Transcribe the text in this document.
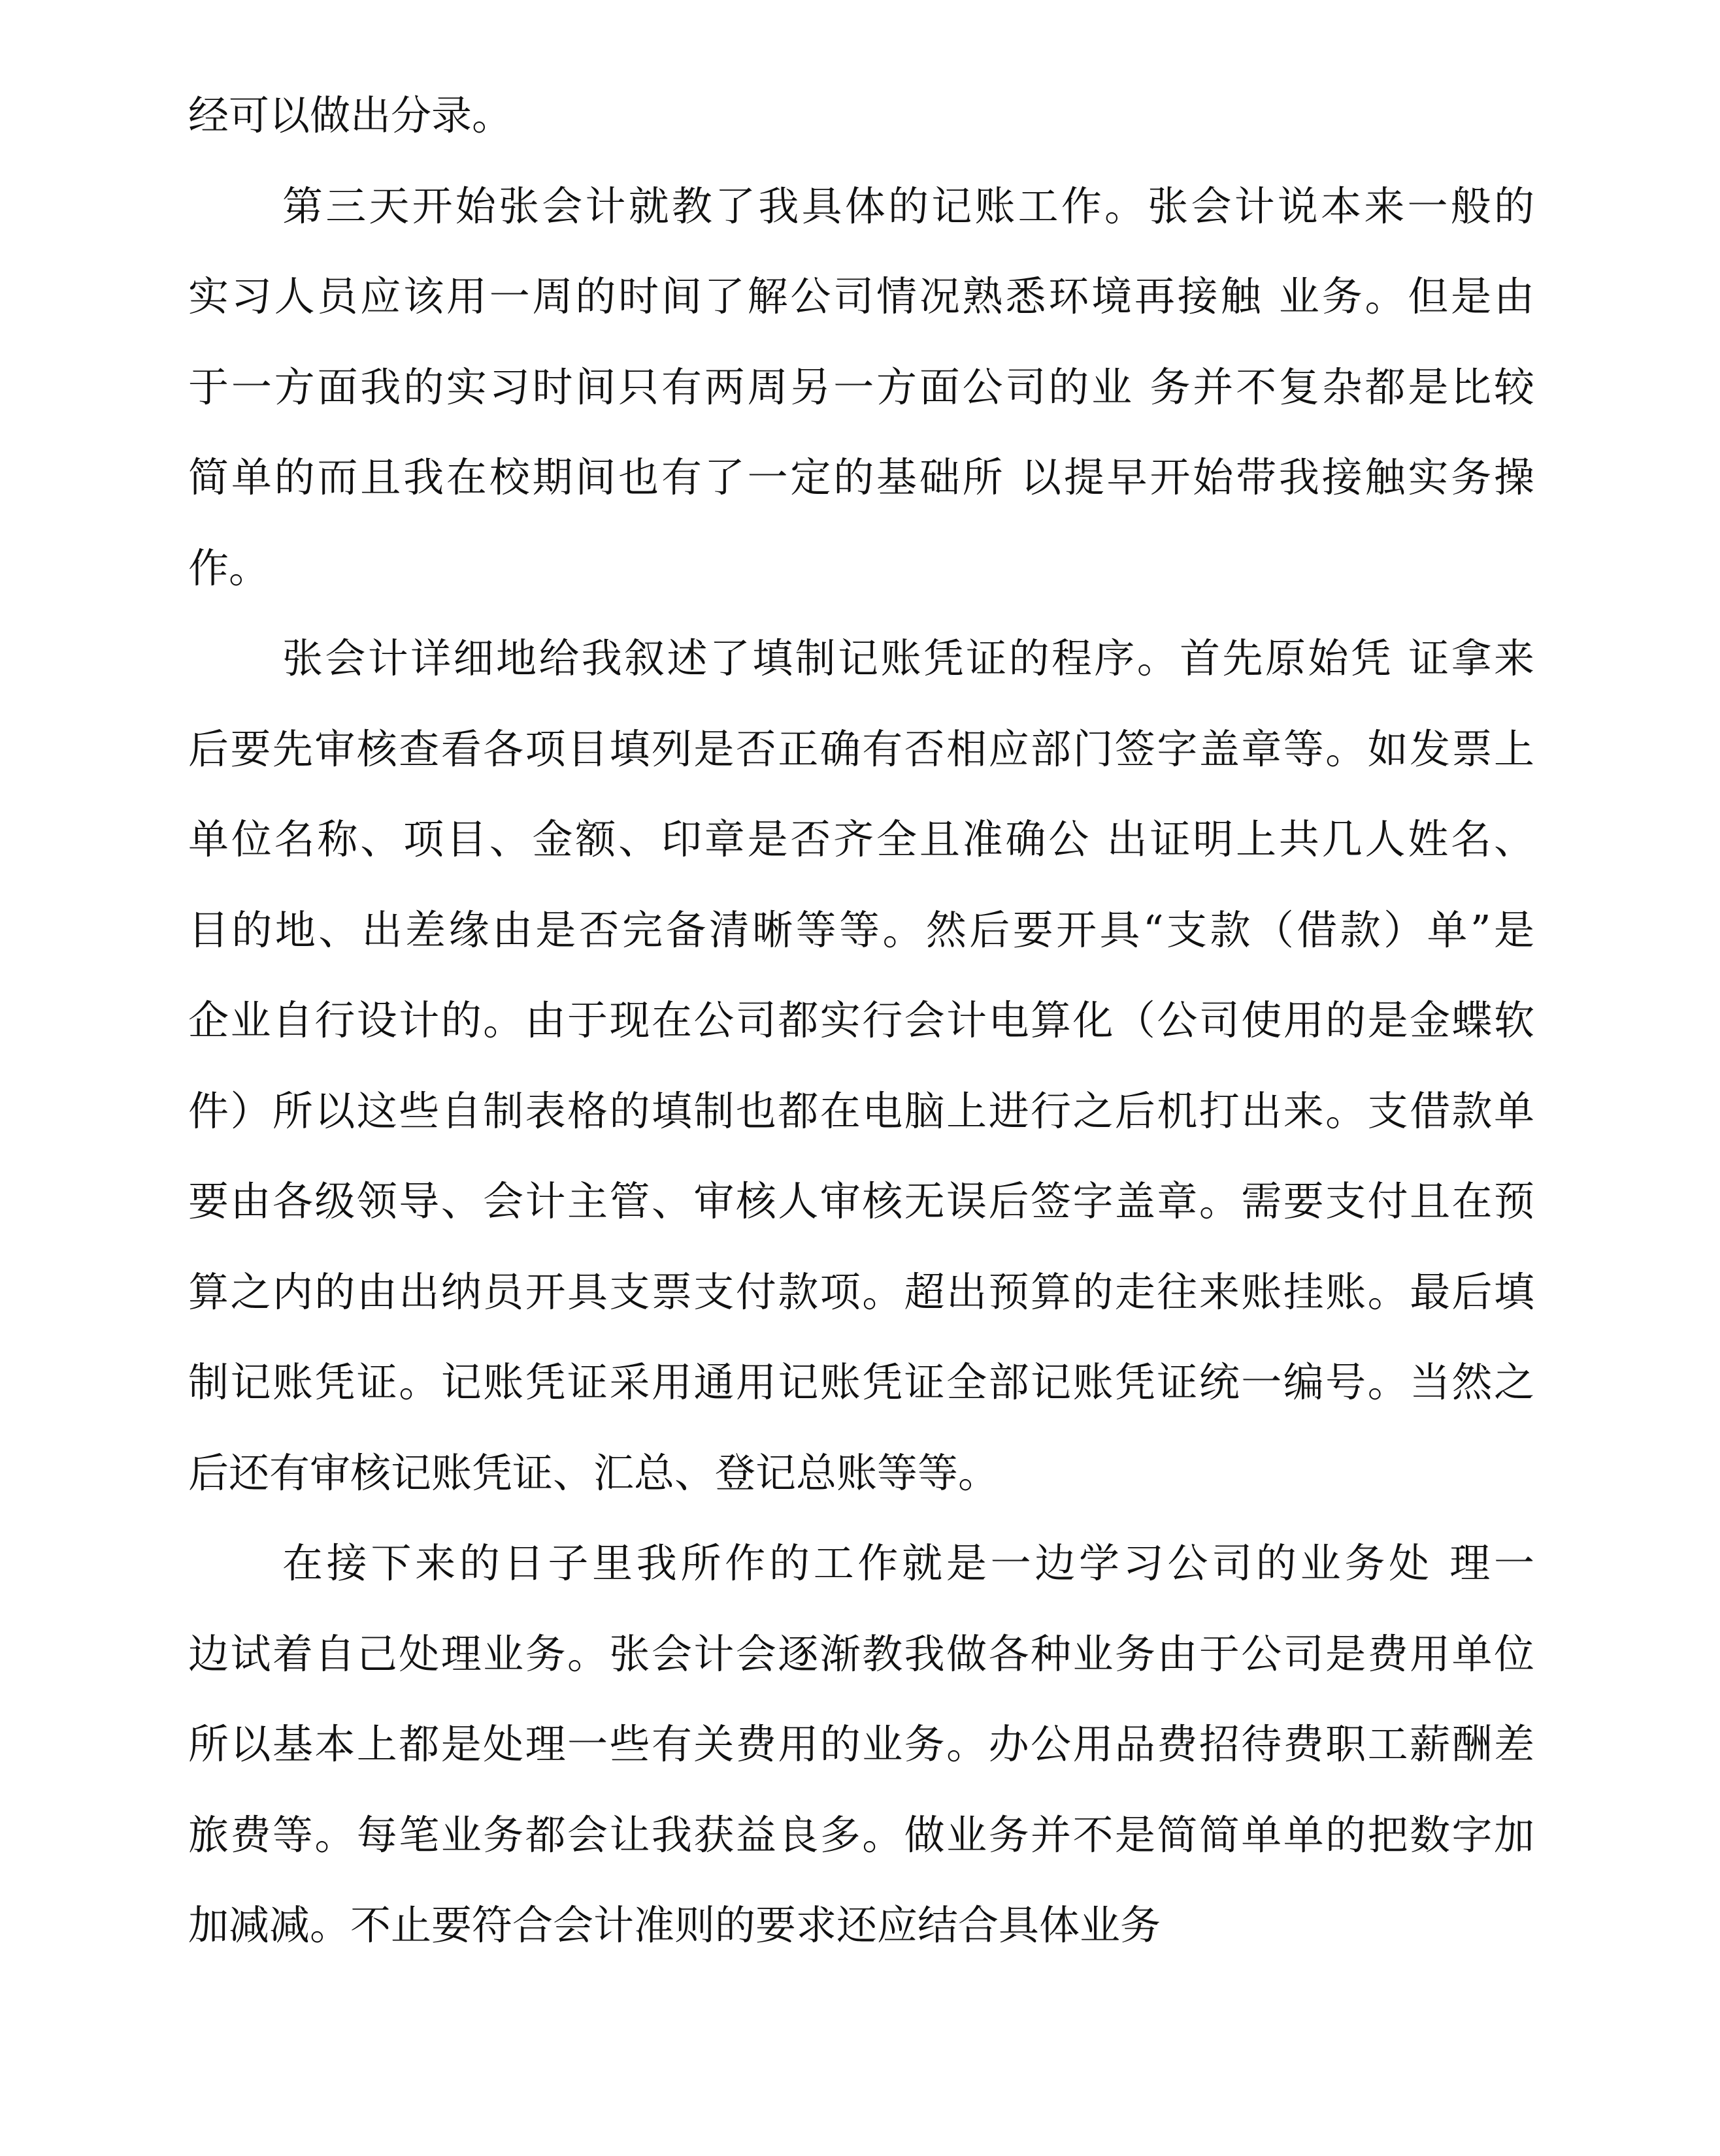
经可以做出分录。
第三天开始张会计就教了我具体的记账工作。张会计说本来一般的
实习人员应该用一周的时间了解公司情况熟悉环境再接触 业务。但是由
于一方面我的实习时间只有两周另一方面公司的业 务并不复杂都是比较
简单的而且我在校期间也有了一定的基础所 以提早开始带我接触实务操
作。
张会计详细地给我叙述了填制记账凭证的程序。首先原始凭 证拿来
后要先审核查看各项目填列是否正确有否相应部门签字盖章等。如发票上
单位名称、项目、金额、印章是否齐全且准确公 出证明上共几人姓名、
目的地、出差缘由是否完备清晰等等。然后要开具“支款（借款）单”是
企业自行设计的。由于现在公司都实行会计电算化（公司使用的是金蝶软
件）所以这些自制表格的填制也都在电脑上进行之后机打出来。支借款单
要由各级领导、会计主管、审核人审核无误后签字盖章。需要支付且在预
算之内的由出纳员开具支票支付款项。超出预算的走往来账挂账。最后填
制记账凭证。记账凭证采用通用记账凭证全部记账凭证统一编号。当然之
后还有审核记账凭证、汇总、登记总账等等。
在接下来的日子里我所作的工作就是一边学习公司的业务处 理一
边试着自己处理业务。张会计会逐渐教我做各种业务由于公司是费用单位
所以基本上都是处理一些有关费用的业务。办公用品费招待费职工薪酬差
旅费等。每笔业务都会让我获益良多。做业务并不是简简单单的把数字加
加减减。不止要符合会计准则的要求还应结合具体业务
